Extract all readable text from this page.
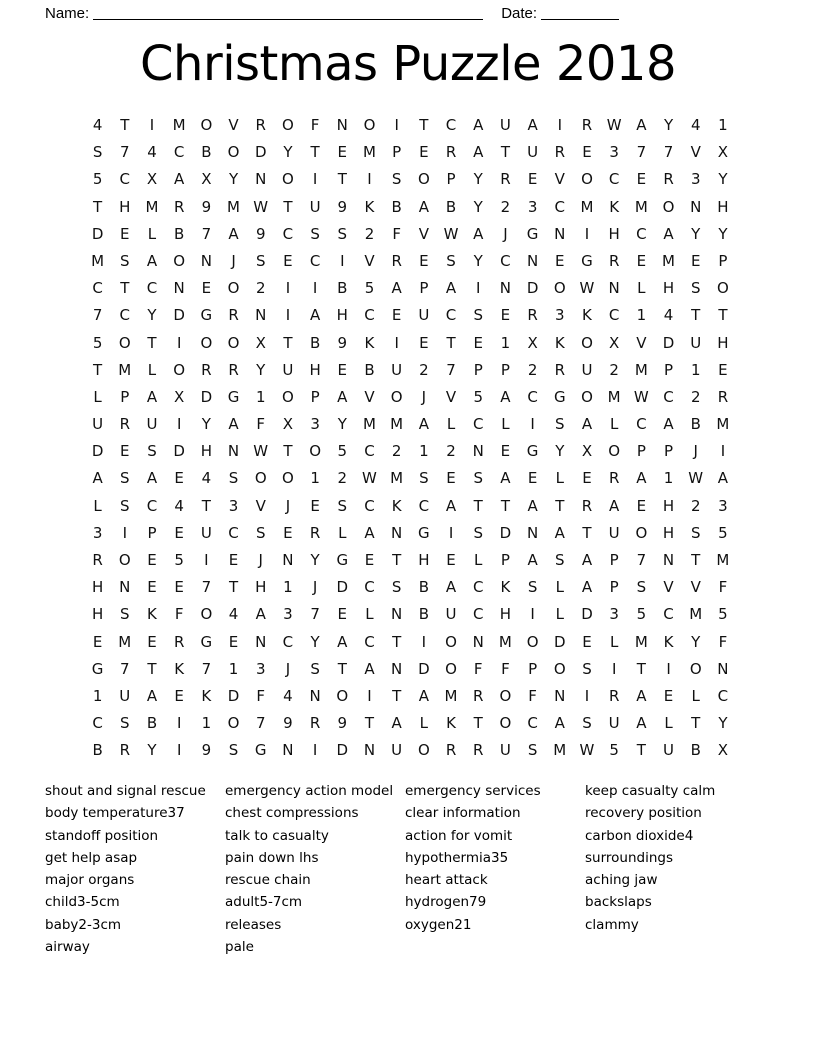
Name:	Date:
Christmas Puzzle 2018
4	T	I	M O	V	R	O	F	N	O	I	T	C	A	U	A	I	R W A	Y	4	1
S	7	4	C	B	O	D	Y	T	E	M	P	E	R	A	T	U	R	E	3	7	7	V	X
5	C	X	A	X	Y	N	O	I	T	I	S	O	P	Y	R	E	V	O	C	E	R	3	Y
T	H	M	R	9	M W	T	U	9	K	B	A	B	Y	2	3	C	M	K	M O	N	H
D	E	L	B	7	A	9	C	S	S	2	F	V W A	J	G	N	I	H	C	A	Y	Y
M	S	A	O	N	J	S	E	C	I	V	R	E	S	Y	C	N	E	G	R	E	M	E	P
C	T	C	N	E	O	2	I	I	B	5	A	P	A	I	N	D	O W N	L	H	S	O
7	C	Y	D	G	R	N	I	A	H	C	E	U	C	S	E	R	3	K	C	1	4	T	T
5	O	T	I	O	O	X	T	B	9	K	I	E	T	E	1	X	K	O	X	V	D	U	H
T	M	L	O	R	R	Y	U	H	E	B	U	2	7	P	P	2	R	U	2	M	P	1	E
L	P	A	X	D	G	1	O	P	A	V	O	J	V	5	A	C	G	O M W C	2	R
U	R	U	I	Y	A	F	X	3	Y	M M	A	L	C	L	I	S	A	L	C	A	B	M
D	E	S	D	H	N W	T	O	5	C	2	1	2	N	E	G	Y	X	O	P	P	J	I
A	S	A	E	4	S	O	O	1	2	W M	S	E	S	A	E	L	E	R	A	1	W A
L	S	C	4	T	3	V	J	E	S	C	K	C	A	T	T	A	T	R	A	E	H	2	3
3	I	P	E	U	C	S	E	R	L	A	N	G	I	S	D	N	A	T	U	O	H	S	5
R	O	E	5	I	E	J	N	Y	G	E	T	H	E	L	P	A	S	A	P	7	N	T	M
H	N	E	E	7	T	H	1	J	D	C	S	B	A	C	K	S	L	A	P	S	V	V	F
H	S	K	F	O	4	A	3	7	E	L	N	B	U	C	H	I	L	D	3	5	C	M	5
E	M	E	R	G	E	N	C	Y	A	C	T	I	O	N	M O	D	E	L	M	K	Y	F
G	7	T	K	7	1	3	J	S	T	A	N	D	O	F	F	P	O	S	I	T	I	O	N
1	U	A	E	K	D	F	4	N	O	I	T	A	M	R	O	F	N	I	R	A	E	L	C
C	S	B	I	1	O	7	9	R	9	T	A	L	K	T	O	C	A	S	U	A	L	T	Y
B	R	Y	I	9	S	G	N	I	D	N	U	O	R	R	U	S	M W 5	T	U	B	X
shout and signal rescue
body temperature37
standoff position
get help asap
major organs
child3-5cm
baby2-3cm
airway
emergency action model
chest compressions
talk to casualty
pain down lhs
rescue chain
adult5-7cm
releases
pale
emergency services
clear information
action for vomit
hypothermia35
heart attack
hydrogen79
oxygen21
keep casualty calm
recovery position
carbon dioxide4
surroundings
aching jaw
backslaps
clammy
